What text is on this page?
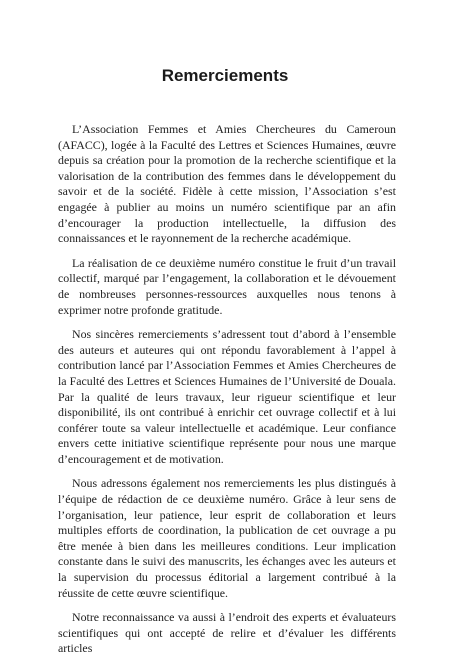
Remerciements

L’Association Femmes et Amies Chercheures du Cameroun (AFACC), logée à la Faculté des Lettres et Sciences Humaines, œuvre depuis sa création pour la promotion de la recherche scientifique et la valorisation de la contribution des femmes dans le développement du savoir et de la société. Fidèle à cette mission, l’Association s’est engagée à publier au moins un numéro scientifique par an afin d’encourager la production intellectuelle, la diffusion des connaissances et le rayonnement de la recherche académique.

La réalisation de ce deuxième numéro constitue le fruit d’un travail collectif, marqué par l’engagement, la collaboration et le dévouement de nombreuses personnes-ressources auxquelles nous tenons à exprimer notre profonde gratitude.

Nos sincères remerciements s’adressent tout d’abord à l’ensemble des auteurs et auteures qui ont répondu favorablement à l’appel à contribution lancé par l’Association Femmes et Amies Chercheures de la Faculté des Lettres et Sciences Humaines de l’Université de Douala. Par la qualité de leurs travaux, leur rigueur scientifique et leur disponibilité, ils ont contribué à enrichir cet ouvrage collectif et à lui conférer toute sa valeur intellectuelle et académique. Leur confiance envers cette initiative scientifique représente pour nous une marque d’encouragement et de motivation.

Nous adressons également nos remerciements les plus distingués à l’équipe de rédaction de ce deuxième numéro. Grâce à leur sens de l’organisation, leur patience, leur esprit de collaboration et leurs multiples efforts de coordination, la publication de cet ouvrage a pu être menée à bien dans les meilleures conditions. Leur implication constante dans le suivi des manuscrits, les échanges avec les auteurs et la supervision du processus éditorial a largement contribué à la réussite de cette œuvre scientifique.

Notre reconnaissance va aussi à l’endroit des experts et évaluateurs scientifiques qui ont accepté de relire et d’évaluer les différents articles
